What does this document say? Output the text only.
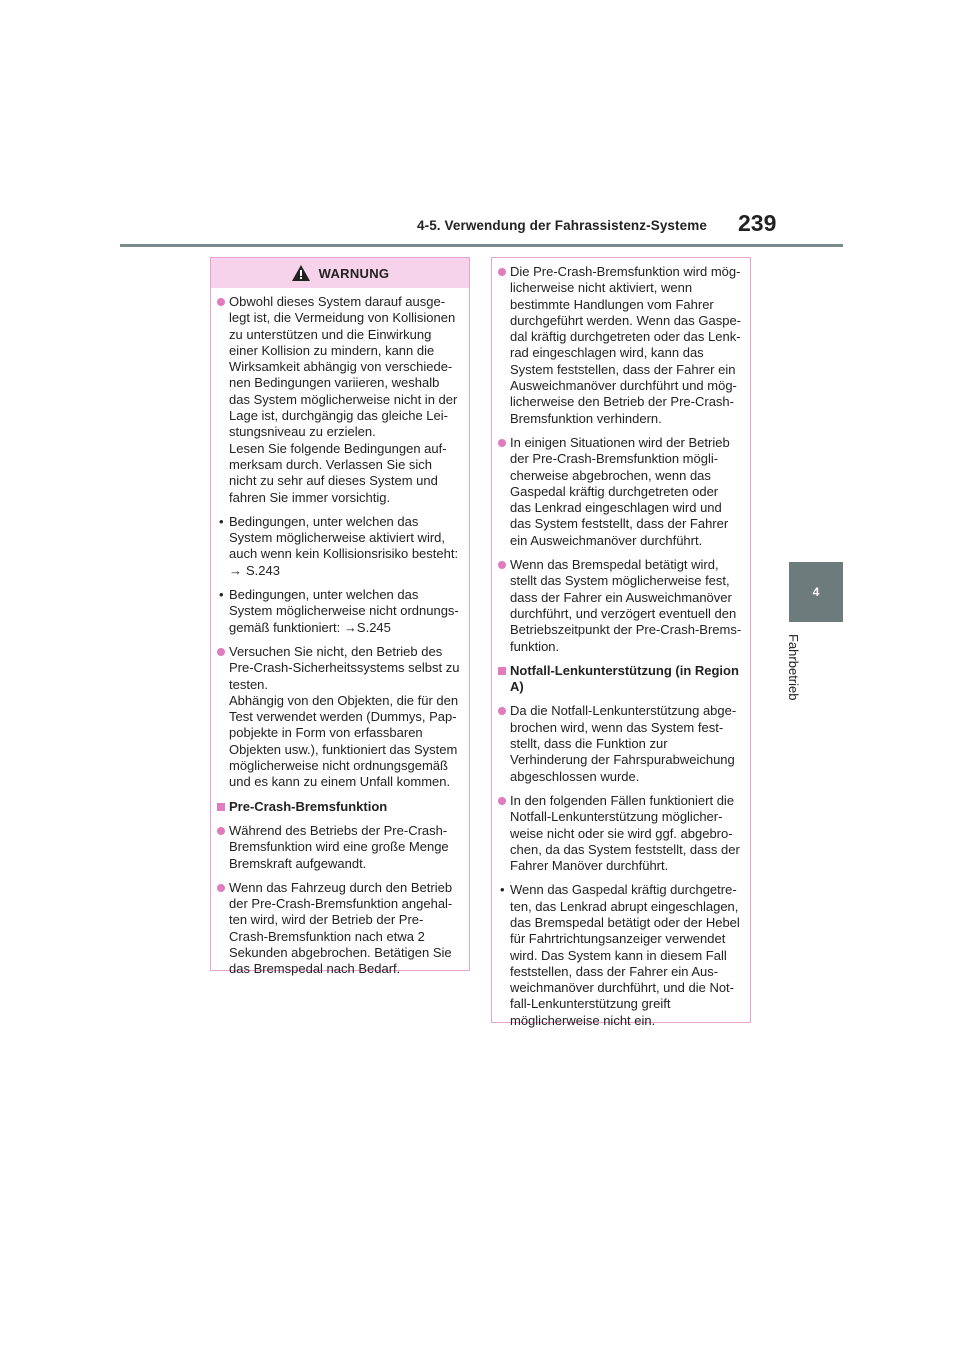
4-5. Verwendung der Fahrassistenz-Systeme 239
4
Fahrbetrieb
WARNUNG
Obwohl dieses System darauf ausge-legt ist, die Vermeidung von Kollisionen zu unterstützen und die Einwirkung einer Kollision zu mindern, kann die Wirksamkeit abhängig von verschiede-nen Bedingungen variieren, weshalb das System möglicherweise nicht in der Lage ist, durchgängig das gleiche Lei-stungsniveau zu erzielen.
Lesen Sie folgende Bedingungen auf-merksam durch. Verlassen Sie sich nicht zu sehr auf dieses System und fahren Sie immer vorsichtig.
• Bedingungen, unter welchen das System möglicherweise aktiviert wird, auch wenn kein Kollisionsrisiko besteht:
→ S.243
• Bedingungen, unter welchen das System möglicherweise nicht ordnungs-gemäß funktioniert: →S.245
Versuchen Sie nicht, den Betrieb des Pre-Crash-Sicherheitssystems selbst zu testen.
Abhängig von den Objekten, die für den Test verwendet werden (Dummys, Pap-pobjekte in Form von erfassbaren Objekten usw.), funktioniert das System möglicherweise nicht ordnungsgemäß und es kann zu einem Unfall kommen.
Pre-Crash-Bremsfunktion
Während des Betriebs der Pre-Crash-Bremsfunktion wird eine große Menge Bremskraft aufgewandt.
Wenn das Fahrzeug durch den Betrieb der Pre-Crash-Bremsfunktion angehal-ten wird, wird der Betrieb der Pre-Crash-Bremsfunktion nach etwa 2 Sekunden abgebrochen. Betätigen Sie das Bremspedal nach Bedarf.
Die Pre-Crash-Bremsfunktion wird mög-licherweise nicht aktiviert, wenn bestimmte Handlungen vom Fahrer durchgeführt werden. Wenn das Gaspe-dal kräftig durchgetreten oder das Lenk-rad eingeschlagen wird, kann das System feststellen, dass der Fahrer ein Ausweichmanöver durchführt und mög-licherweise den Betrieb der Pre-Crash-Bremsfunktion verhindern.
In einigen Situationen wird der Betrieb der Pre-Crash-Bremsfunktion mögli-cherweise abgebrochen, wenn das Gaspedal kräftig durchgetreten oder das Lenkrad eingeschlagen wird und das System feststellt, dass der Fahrer ein Ausweichmanöver durchführt.
Wenn das Bremspedal betätigt wird, stellt das System möglicherweise fest, dass der Fahrer ein Ausweichmanöver durchführt, und verzögert eventuell den Betriebszeitpunkt der Pre-Crash-Brems-funktion.
Notfall-Lenkunterstützung (in Region A)
Da die Notfall-Lenkunterstützung abge-brochen wird, wenn das System fest-stellt, dass die Funktion zur Verhinderung der Fahrspurabweichung abgeschlossen wurde.
In den folgenden Fällen funktioniert die Notfall-Lenkunterstützung möglicher-weise nicht oder sie wird ggf. abgebro-chen, da das System feststellt, dass der Fahrer Manöver durchführt.
• Wenn das Gaspedal kräftig durchgetre-ten, das Lenkrad abrupt eingeschlagen, das Bremspedal betätigt oder der Hebel für Fahrtrichtungsanzeiger verwendet wird. Das System kann in diesem Fall feststellen, dass der Fahrer ein Aus-weichmanöver durchführt, und die Not-fall-Lenkunterstützung greift möglicherweise nicht ein.
